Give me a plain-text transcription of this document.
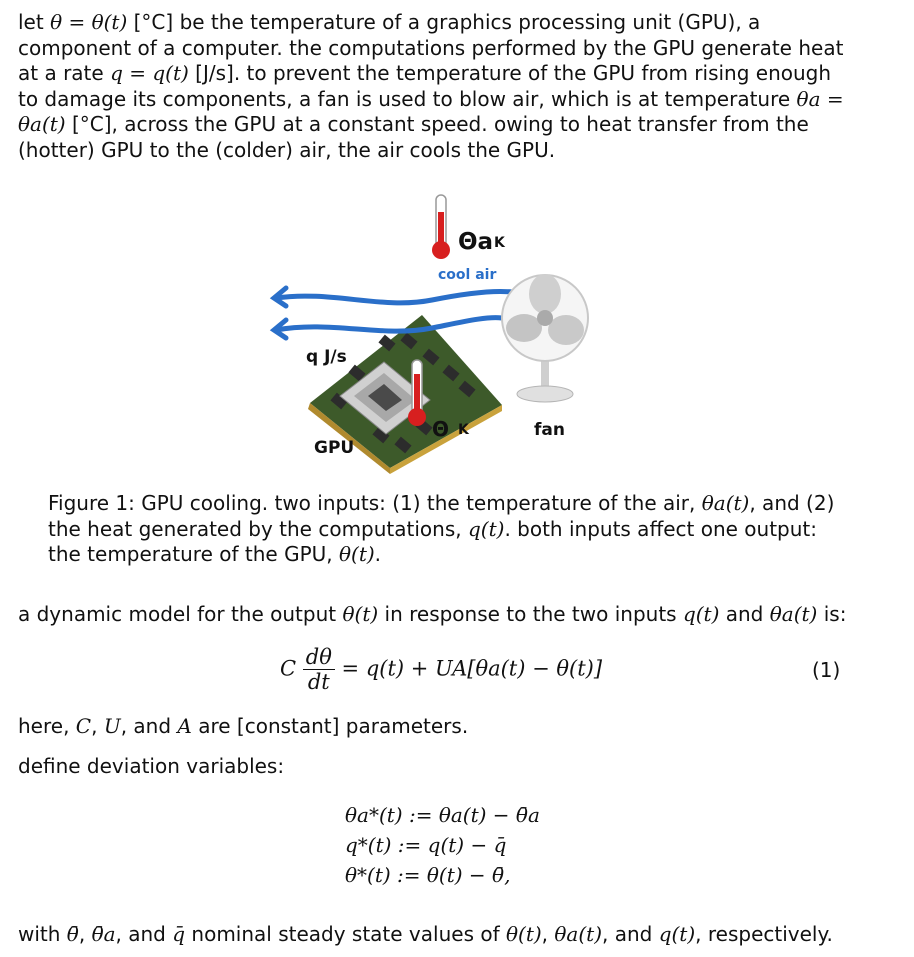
let θ = θ(t) [°C] be the temperature of a graphics processing unit (GPU), a component of a computer. the computations performed by the GPU generate heat at a rate q = q(t) [J/s]. to prevent the temperature of the GPU from rising enough to damage its components, a fan is used to blow air, which is at temperature θa = θa(t) [°C], across the GPU at a constant speed. owing to heat transfer from the (hotter) GPU to the (colder) air, the air cools the GPU.
Θa K
cool air
q J/s
Θ K
GPU
fan
Figure 1: GPU cooling. two inputs: (1) the temperature of the air, θa(t), and (2) the heat generated by the computations, q(t). both inputs affect one output: the temperature of the GPU, θ(t).
a dynamic model for the output θ(t) in response to the two inputs q(t) and θa(t) is:
C $\frac{d\theta}{dt} = q(t) + UA[\theta a(t) - \theta(t)]$	(1)
here, C, U, and A are [constant] parameters.
define deviation variables:
θa*(t) := θa(t) − θ̄a
q*(t) := q(t) − q̄
θ*(t) := θ(t) − θ̄,
with θ̄, θ̄a, and q̄ nominal steady state values of θ(t), θa(t), and q(t), respectively.
